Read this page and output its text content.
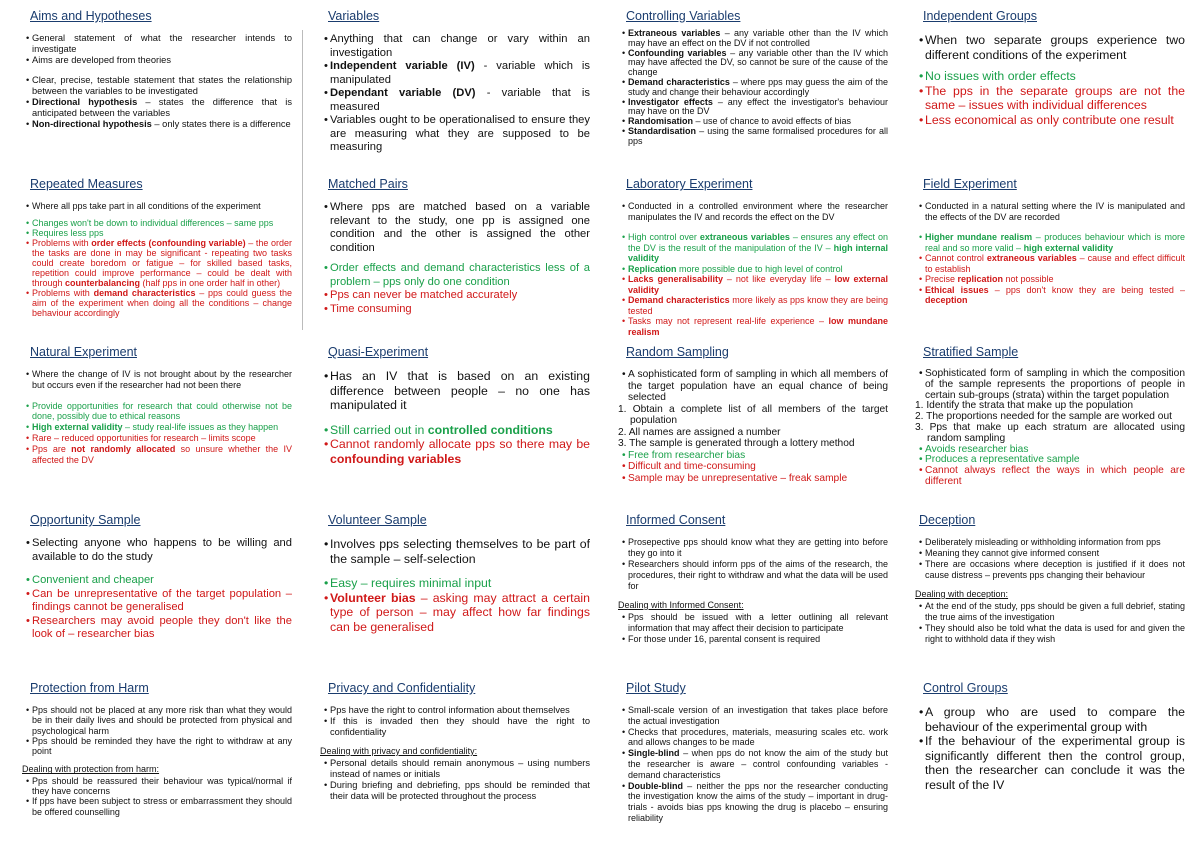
Aims and Hypotheses
• General statement of what the researcher intends to investigate
• Aims are developed from theories
• Clear, precise, testable statement that states the relationship between the variables to be investigated
• Directional hypothesis – states the difference that is anticipated between the variables
• Non-directional hypothesis – only states there is a difference
Variables
• Anything that can change or vary within an investigation
• Independent variable (IV) - variable which is manipulated
• Dependant variable (DV) - variable that is measured
• Variables ought to be operationalised to ensure they are measuring what they are supposed to be measuring
Controlling Variables
• Extraneous variables – any variable other than the IV which may have an effect on the DV if not controlled
• Confounding variables – any variable other than the IV which may have affected the DV, so cannot be sure of the cause of the change
• Demand characteristics – where pps may guess the aim of the study and change their behaviour accordingly
• Investigator effects – any effect the investigator's behaviour may have on the DV
• Randomisation – use of chance to avoid effects of bias
• Standardisation – using the same formalised procedures for all pps
Independent Groups
• When two separate groups experience two different conditions of the experiment
• No issues with order effects
• The pps in the separate groups are not the same – issues with individual differences
• Less economical as only contribute one result
Repeated Measures
• Where all pps take part in all conditions of the experiment
• Changes won't be down to individual differences – same pps
• Requires less pps
• Problems with order effects (confounding variable) – the order the tasks are done in may be significant - repeating two tasks could create boredom or fatigue – for skilled based tasks, repetition could improve performance – could be dealt with through counterbalancing (half pps in one order half in other)
• Problems with demand characteristics – pps could guess the aim of the experiment when doing all the conditions – change behaviour accordingly
Matched Pairs
• Where pps are matched based on a variable relevant to the study, one pp is assigned one condition and the other is assigned the other condition
• Order effects and demand characteristics less of a problem – pps only do one condition
• Pps can never be matched accurately
• Time consuming
Laboratory Experiment
• Conducted in a controlled environment where the researcher manipulates the IV and records the effect on the DV
• High control over extraneous variables – ensures any effect on the DV is the result of the manipulation of the IV – high internal validity
• Replication more possible due to high level of control
• Lacks generalisability – not like everyday life – low external validity
• Demand characteristics more likely as pps know they are being tested
• Tasks may not represent real-life experience – low mundane realism
Field Experiment
• Conducted in a natural setting where the IV is manipulated and the effects of the DV are recorded
• Higher mundane realism – produces behaviour which is more real and so more valid – high external validity
• Cannot control extraneous variables – cause and effect difficult to establish
• Precise replication not possible
• Ethical issues – pps don't know they are being tested – deception
Natural Experiment
• Where the change of IV is not brought about by the researcher but occurs even if the researcher had not been there
• Provide opportunities for research that could otherwise not be done, possibly due to ethical reasons
• High external validity – study real-life issues as they happen
• Rare – reduced opportunities for research – limits scope
• Pps are not randomly allocated so unsure whether the IV affected the DV
Quasi-Experiment
• Has an IV that is based on an existing difference between people – no one has manipulated it
• Still carried out in controlled conditions
• Cannot randomly allocate pps so there may be confounding variables
Random Sampling
• A sophisticated form of sampling in which all members of the target population have an equal chance of being selected
1. Obtain a complete list of all members of the target population
2. All names are assigned a number
3. The sample is generated through a lottery method
• Free from researcher bias
• Difficult and time-consuming
• Sample may be unrepresentative – freak sample
Stratified Sample
• Sophisticated form of sampling in which the composition of the sample represents the proportions of people in certain sub-groups (strata) within the target population
1. Identify the strata that make up the population
2. The proportions needed for the sample are worked out
3. Pps that make up each stratum are allocated using random sampling
• Avoids researcher bias
• Produces a representative sample
• Cannot always reflect the ways in which people are different
Opportunity Sample
• Selecting anyone who happens to be willing and available to do the study
• Convenient and cheaper
• Can be unrepresentative of the target population – findings cannot be generalised
• Researchers may avoid people they don't like the look of – researcher bias
Volunteer Sample
• Involves pps selecting themselves to be part of the sample – self-selection
• Easy – requires minimal input
• Volunteer bias – asking may attract a certain type of person – may affect how far findings can be generalised
Informed Consent
• Prosepective pps should know what they are getting into before they go into it
• Researchers should inform pps of the aims of the research, the procedures, their right to withdraw and what the data will be used for
Dealing with Informed Consent:
• Pps should be issued with a letter outlining all relevant information that may affect their decision to participate
• For those under 16, parental consent is required
Deception
• Deliberately misleading or withholding information from pps
• Meaning they cannot give informed consent
• There are occasions where deception is justified if it does not cause distress – prevents pps changing their behaviour
Dealing with deception:
• At the end of the study, pps should be given a full debrief, stating the true aims of the investigation
• They should also be told what the data is used for and given the right to withhold data if they wish
Protection from Harm
• Pps should not be placed at any more risk than what they would be in their daily lives and should be protected from physical and psychological harm
• Pps should be reminded they have the right to withdraw at any point
Dealing with protection from harm:
• Pps should be reassured their behaviour was typical/normal if they have concerns
• If pps have been subject to stress or embarrassment they should be offered counselling
Privacy and Confidentiality
• Pps have the right to control information about themselves
• If this is invaded then they should have the right to confidentiality
Dealing with privacy and confidentiality:
• Personal details should remain anonymous – using numbers instead of names or initials
• During briefing and debriefing, pps should be reminded that their data will be protected throughout the process
Pilot Study
• Small-scale version of an investigation that takes place before the actual investigation
• Checks that procedures, materials, measuring scales etc. work and allows changes to be made
• Single-blind – when pps do not know the aim of the study but the researcher is aware – control confounding variables - demand characteristics
• Double-blind – neither the pps nor the researcher conducting the investigation know the aims of the study – important in drug-trials - avoids bias pps knowing the drug is placebo – ensuring reliability
Control Groups
• A group who are used to compare the behaviour of the experimental group with
• If the behaviour of the experimental group is significantly different then the control group, then the researcher can conclude it was the result of the IV
